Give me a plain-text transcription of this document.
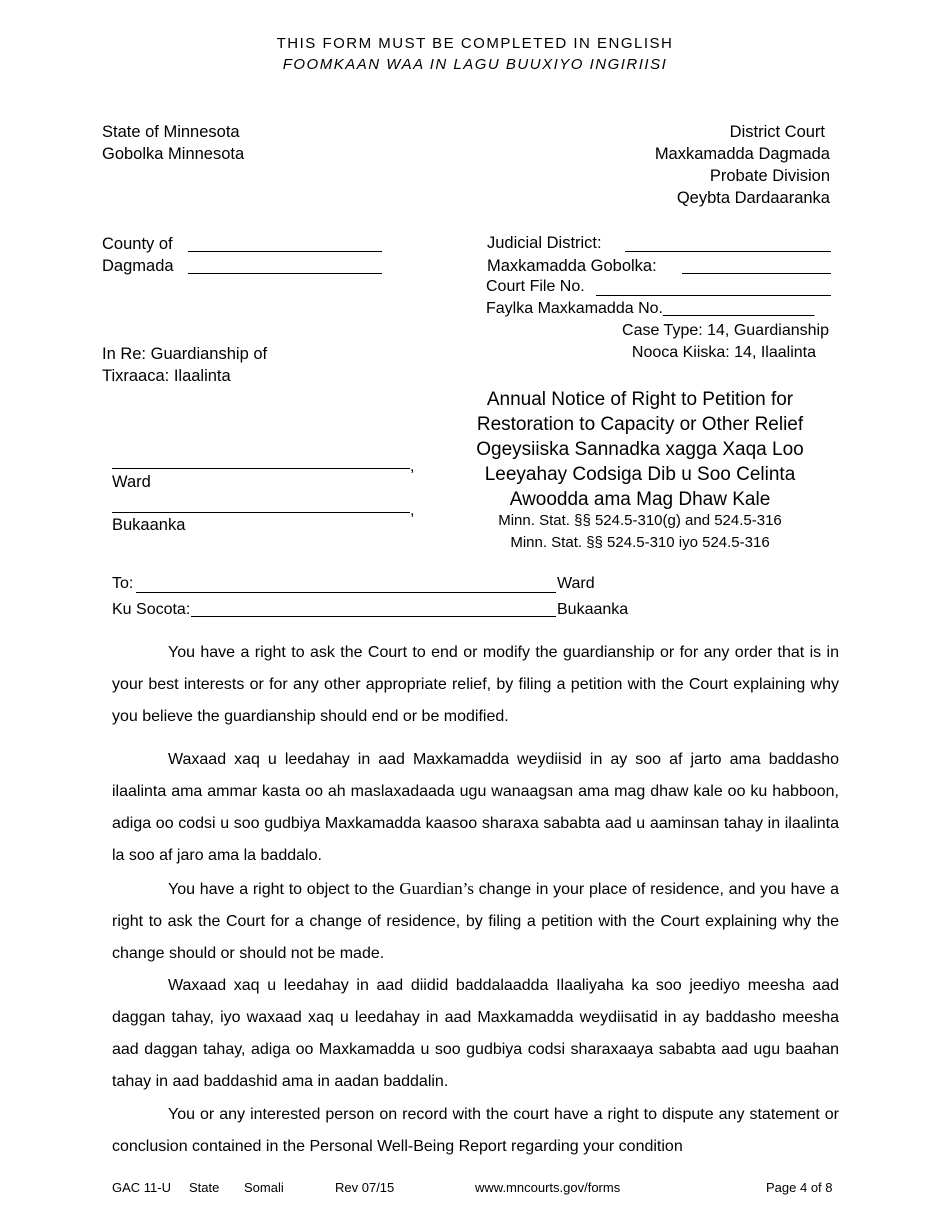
THIS FORM MUST BE COMPLETED IN ENGLISH
FOOMKAAN WAA IN LAGU BUUXIYO INGIRIISI
State of Minnesota
Gobolka Minnesota
District Court
Maxkamadda Dagmada
Probate Division
Qeybta Dardaaranka
County of
Dagmada
Judicial District:
Maxkamadda Gobolka:
Court File No.
Faylka Maxkamadda No._________________
Case Type: 14, Guardianship
Nooca Kiiska: 14, Ilaalinta
In Re: Guardianship of
Tixraaca: Ilaalinta
Annual Notice of Right to Petition for
Restoration to Capacity or Other Relief
Ogeysiiska Sannadka xagga Xaqa Loo
Leeyahay Codsiga Dib u Soo Celinta
Awoodda ama Mag Dhaw Kale
Minn. Stat. §§ 524.5-310(g) and 524.5-316
Minn. Stat. §§ 524.5-310 iyo 524.5-316
,
Ward
,
Bukaanka
To:	Ward
Ku Socota:	Bukaanka

You have a right to ask the Court to end or modify the guardianship or for any order that is in your best interests or for any other appropriate relief, by filing a petition with the Court explaining why you believe the guardianship should end or be modified.

Waxaad xaq u leedahay in aad Maxkamadda weydiisid in ay soo af jarto ama baddasho ilaalinta ama ammar kasta oo ah maslaxadaada ugu wanaagsan ama mag dhaw kale oo ku habboon, adiga oo codsi u soo gudbiya Maxkamadda kaasoo sharaxa sababta aad u aaminsan tahay in ilaalinta la soo af jaro ama la baddalo.

You have a right to object to the Guardian’s change in your place of residence, and you have a right to ask the Court for a change of residence, by filing a petition with the Court explaining why the change should or should not be made.

Waxaad xaq u leedahay in aad diidid baddalaadda Ilaaliyaha ka soo jeediyo meesha aad daggan tahay, iyo waxaad xaq u leedahay in aad Maxkamadda weydiisatid in ay baddasho meesha aad daggan tahay, adiga oo Maxkamadda u soo gudbiya codsi sharaxaaya sababta aad ugu baahan tahay in aad baddashid ama in aadan baddalin.

You or any interested person on record with the court have a right to dispute any statement or conclusion contained in the Personal Well-Being Report regarding your condition

GAC 11-U State Somali	Rev 07/15	www.mncourts.gov/forms	Page 4 of 8
